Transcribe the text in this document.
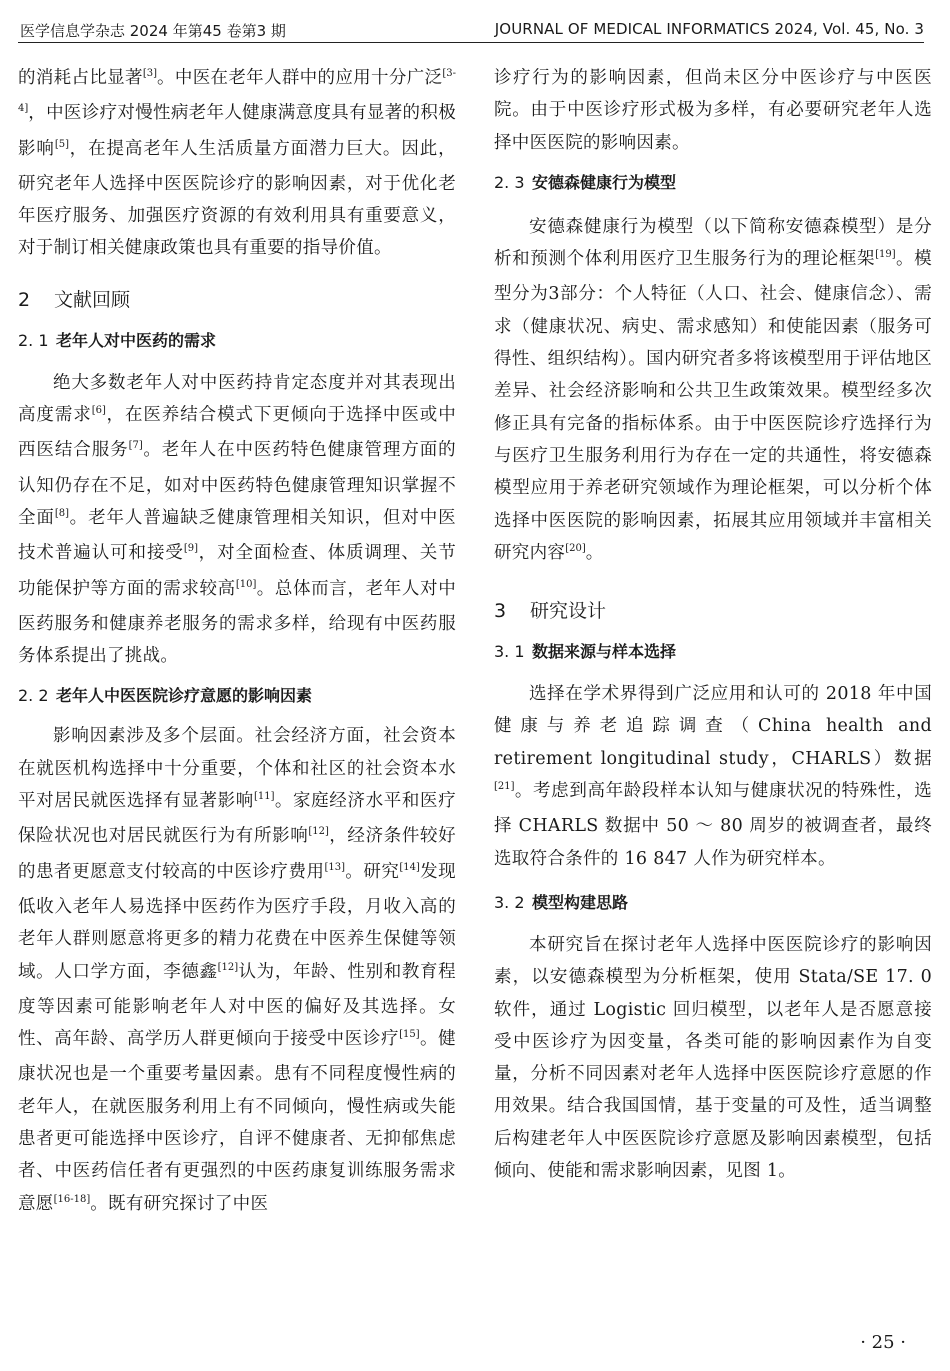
医学信息学杂志 2024 年第45 卷第3 期	JOURNAL OF MEDICAL INFORMATICS 2024, Vol. 45, No. 3

的消耗占比显著[3]。中医在老年人群中的应用十分广泛[3-4]，中医诊疗对慢性病老年人健康满意度具有显著的积极影响[5]，在提高老年人生活质量方面潜力巨大。因此，研究老年人选择中医医院诊疗的影响因素，对于优化老年医疗服务、加强医疗资源的有效利用具有重要意义，对于制订相关健康政策也具有重要的指导价值。

2 文献回顾
2. 1 老年人对中医药的需求

绝大多数老年人对中医药持肯定态度并对其表现出高度需求[6]，在医养结合模式下更倾向于选择中医或中西医结合服务[7]。老年人在中医药特色健康管理方面的认知仍存在不足，如对中医药特色健康管理知识掌握不全面[8]。老年人普遍缺乏健康管理相关知识，但对中医技术普遍认可和接受[9]，对全面检查、体质调理、关节功能保护等方面的需求较高[10]。总体而言，老年人对中医药服务和健康养老服务的需求多样，给现有中医药服务体系提出了挑战。

2. 2 老年人中医医院诊疗意愿的影响因素

影响因素涉及多个层面。社会经济方面，社会资本在就医机构选择中十分重要，个体和社区的社会资本水平对居民就医选择有显著影响[11]。家庭经济水平和医疗保险状况也对居民就医行为有所影响[12]，经济条件较好的患者更愿意支付较高的中医诊疗费用[13]。研究[14]发现低收入老年人易选择中医药作为医疗手段，月收入高的老年人群则愿意将更多的精力花费在中医养生保健等领域。人口学方面，李德鑫[12]认为，年龄、性别和教育程度等因素可能影响老年人对中医的偏好及其选择。女性、高年龄、高学历人群更倾向于接受中医诊疗[15]。健康状况也是一个重要考量因素。患有不同程度慢性病的老年人，在就医服务利用上有不同倾向，慢性病或失能患者更可能选择中医诊疗，自评不健康者、无抑郁焦虑者、中医药信任者有更强烈的中医药康复训练服务需求意愿[16-18]。既有研究探讨了中医

诊疗行为的影响因素，但尚未区分中医诊疗与中医医院。由于中医诊疗形式极为多样，有必要研究老年人选择中医医院的影响因素。

2. 3 安德森健康行为模型

安德森健康行为模型（以下简称安德森模型）是分析和预测个体利用医疗卫生服务行为的理论框架[19]。模型分为3部分：个人特征（人口、社会、健康信念）、需求（健康状况、病史、需求感知）和使能因素（服务可得性、组织结构）。国内研究者多将该模型用于评估地区差异、社会经济影响和公共卫生政策效果。模型经多次修正具有完备的指标体系。由于中医医院诊疗选择行为与医疗卫生服务利用行为存在一定的共通性，将安德森模型应用于养老研究领域作为理论框架，可以分析个体选择中医医院的影响因素，拓展其应用领域并丰富相关研究内容[20]。

3 研究设计
3. 1 数据来源与样本选择

选择在学术界得到广泛应用和认可的 2018 年中国健康与养老追踪调查（China health and retirement longitudinal study，CHARLS）数据[21]。考虑到高年龄段样本认知与健康状况的特殊性，选择 CHARLS 数据中 50 ～ 80 周岁的被调查者，最终选取符合条件的 16 847 人作为研究样本。

3. 2 模型构建思路

本研究旨在探讨老年人选择中医医院诊疗的影响因素，以安德森模型为分析框架，使用 Stata/SE 17. 0 软件，通过 Logistic 回归模型，以老年人是否愿意接受中医诊疗为因变量，各类可能的影响因素作为自变量，分析不同因素对老年人选择中医医院诊疗意愿的作用效果。结合我国国情，基于变量的可及性，适当调整后构建老年人中医医院诊疗意愿及影响因素模型，包括倾向、使能和需求影响因素，见图 1。

· 25 ·
